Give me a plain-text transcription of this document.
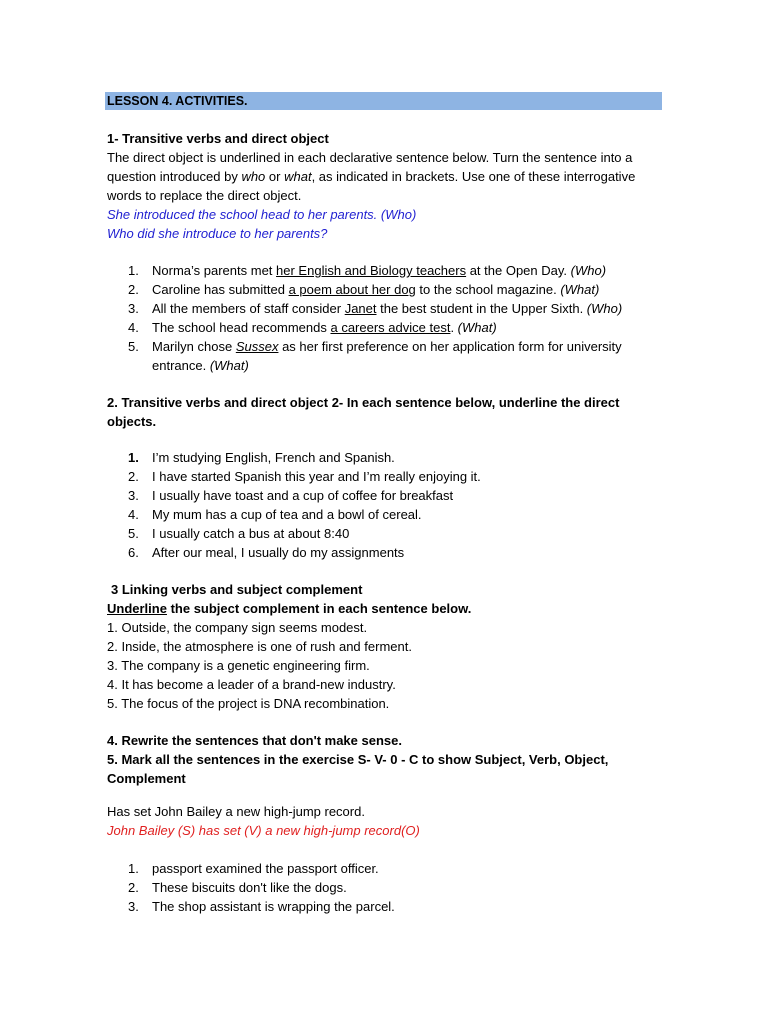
LESSON 4. ACTIVITIES.

1- Transitive verbs and direct object

The direct object is underlined in each declarative sentence below. Turn the sentence into a question introduced by who or what, as indicated in brackets. Use one of these interrogative words to replace the direct object.

She introduced the school head to her parents. (Who)

Who did she introduce to her parents?

1. Norma’s parents met her English and Biology teachers at the Open Day. (Who)
2. Caroline has submitted a poem about her dog to the school magazine. (What)
3. All the members of staff consider Janet the best student in the Upper Sixth. (Who)
4. The school head recommends a careers advice test. (What)
5. Marilyn chose Sussex as her first preference on her application form for university entrance. (What)

2. Transitive verbs and direct object 2- In each sentence below, underline the direct objects.

1. I’m studying English, French and Spanish.
2. I have started Spanish this year and I’m really enjoying it.
3. I usually have toast and a cup of coffee for breakfast
4. My mum has a cup of tea and a bowl of cereal.
5. I usually catch a bus at about 8:40
6. After our meal, I usually do my assignments

3 Linking verbs and subject complement

Underline the subject complement in each sentence below.

1. Outside, the company sign seems modest.

2. Inside, the atmosphere is one of rush and ferment.

3. The company is a genetic engineering firm.

4. It has become a leader of a brand-new industry.

5. The focus of the project is DNA recombination.

4. Rewrite the sentences that don't make sense.

5. Mark all the sentences in the exercise S- V- 0 - C to show Subject, Verb, Object, Complement

Has set John Bailey a new high-jump record.

John Bailey (S) has set (V) a new high-jump record(O)

1. passport examined the passport officer.
2. These biscuits don't like the dogs.
3. The shop assistant is wrapping the parcel.
